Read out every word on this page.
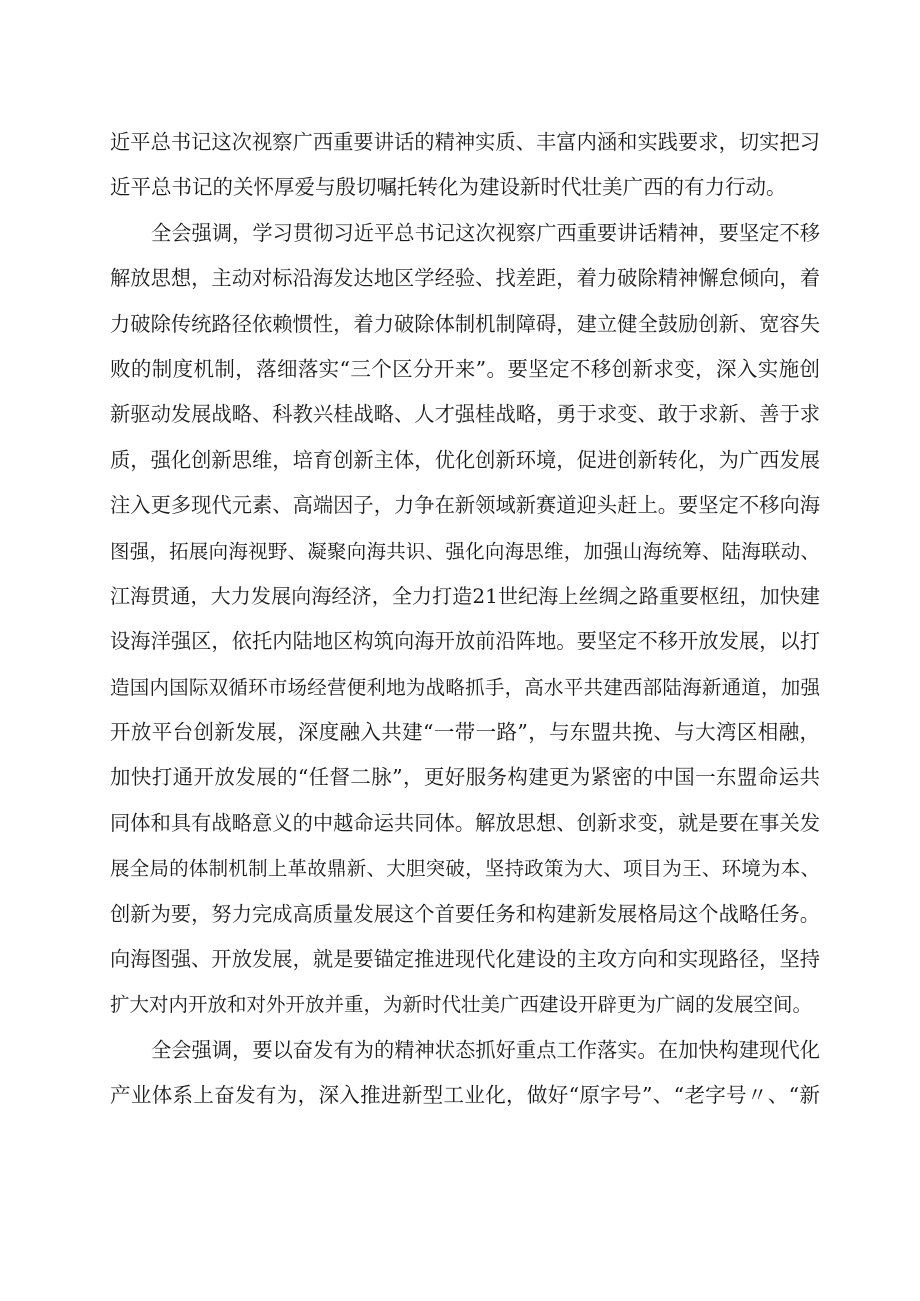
近平总书记这次视察广西重要讲话的精神实质、丰富内涵和实践要求，切实把习
近平总书记的关怀厚爱与殷切嘱托转化为建设新时代壮美广西的有力行动。
全会强调，学习贯彻习近平总书记这次视察广西重要讲话精神，要坚定不移
解放思想，主动对标沿海发达地区学经验、找差距，着力破除精神懈怠倾向，着
力破除传统路径依赖惯性，着力破除体制机制障碍，建立健全鼓励创新、宽容失
败的制度机制，落细落实“三个区分开来”。要坚定不移创新求变，深入实施创
新驱动发展战略、科教兴桂战略、人才强桂战略，勇于求变、敢于求新、善于求
质，强化创新思维，培育创新主体，优化创新环境，促进创新转化，为广西发展
注入更多现代元素、高端因子，力争在新领域新赛道迎头赶上。要坚定不移向海
图强，拓展向海视野、凝聚向海共识、强化向海思维，加强山海统筹、陆海联动、
江海贯通，大力发展向海经济，全力打造21世纪海上丝绸之路重要枢纽，加快建
设海洋强区，依托内陆地区构筑向海开放前沿阵地。要坚定不移开放发展，以打
造国内国际双循环市场经营便利地为战略抓手，高水平共建西部陆海新通道，加强
开放平台创新发展，深度融入共建“一带一路”，与东盟共挽、与大湾区相融，
加快打通开放发展的“任督二脉”，更好服务构建更为紧密的中国一东盟命运共
同体和具有战略意义的中越命运共同体。解放思想、创新求变，就是要在事关发
展全局的体制机制上革故鼎新、大胆突破，坚持政策为大、项目为王、环境为本、
创新为要，努力完成高质量发展这个首要任务和构建新发展格局这个战略任务。
向海图强、开放发展，就是要锚定推进现代化建设的主攻方向和实现路径，坚持
扩大对内开放和对外开放并重，为新时代壮美广西建设开辟更为广阔的发展空间。
全会强调，要以奋发有为的精神状态抓好重点工作落实。在加快构建现代化
产业体系上奋发有为，深入推进新型工业化，做好“原字号”、“老字号〃、“新
